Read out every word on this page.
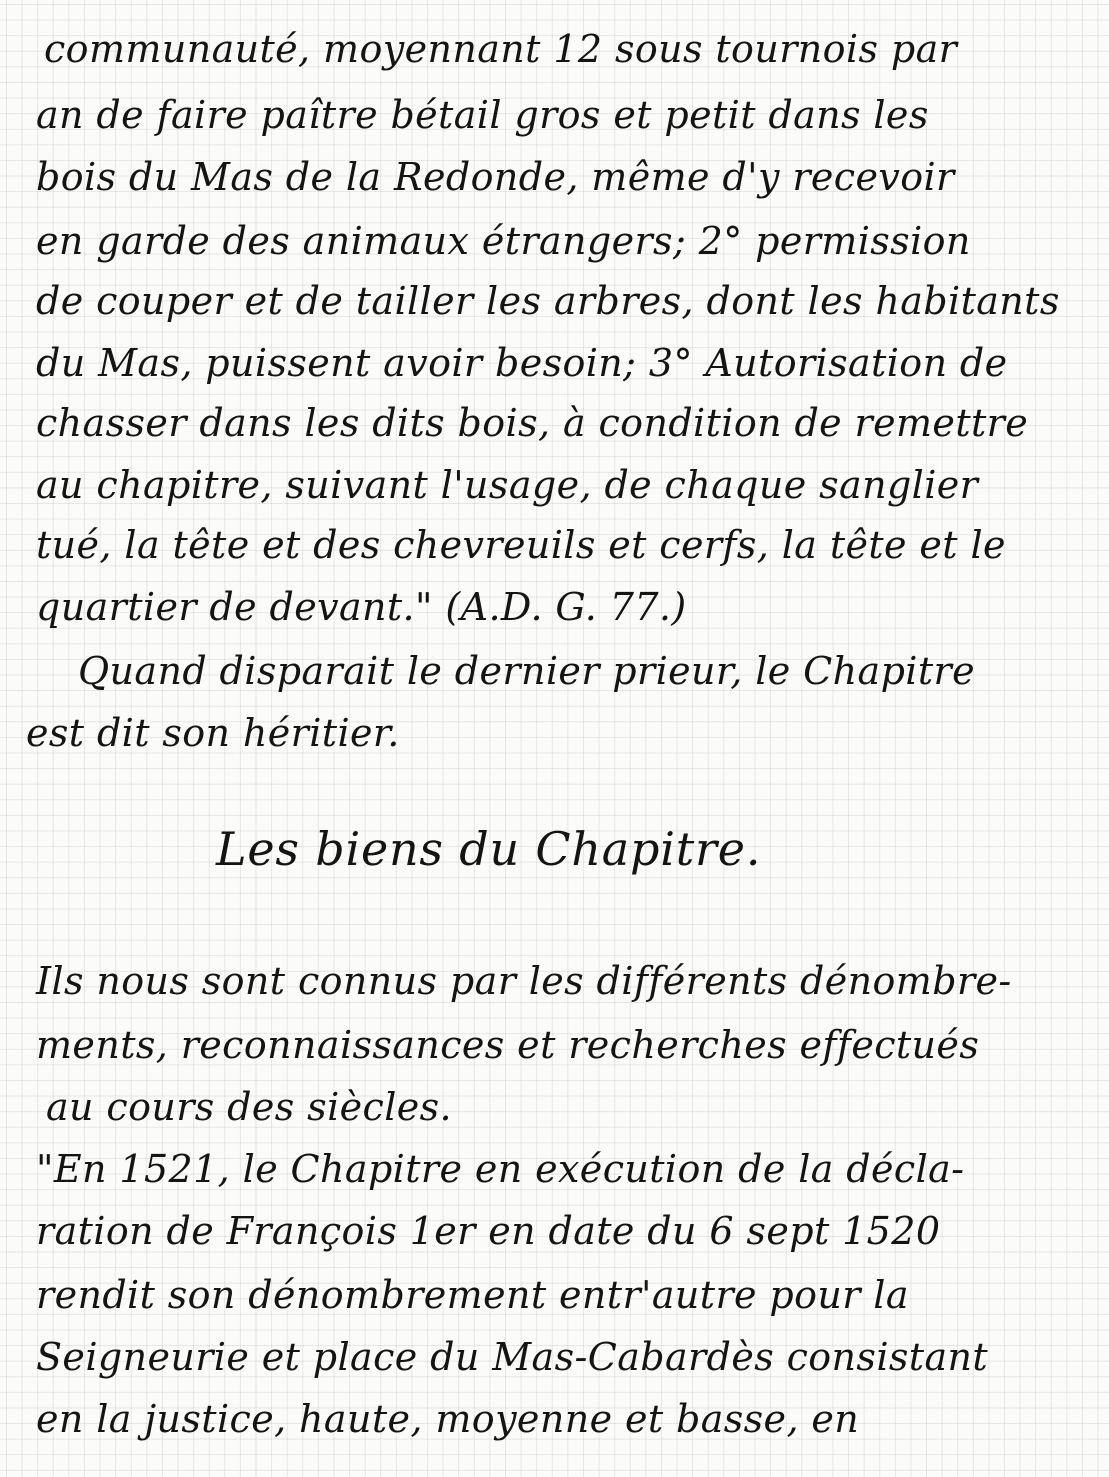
communauté, moyennant 12 sous tournois par
an de faire paître bétail gros et petit dans les
bois du Mas de la Redonde, même d'y recevoir
en garde des animaux étrangers; 2° permission
de couper et de tailler les arbres, dont les habitants
du Mas, puissent avoir besoin; 3° Autorisation de
chasser dans les dits bois, à condition de remettre
au chapitre, suivant l'usage, de chaque sanglier
tué, la tête et des chevreuils et cerfs, la tête et le
quartier de devant." (A.D. G. 77.)
Quand disparait le dernier prieur, le Chapitre
est dit son héritier.
Les biens du Chapitre.
Ils nous sont connus par les différents dénombre-
ments, reconnaissances et recherches effectués
au cours des siècles.
"En 1521, le Chapitre en exécution de la décla-
ration de François 1er en date du 6 sept 1520
rendit son dénombrement entr'autre pour la
Seigneurie et place du Mas-Cabardès consistant
en la justice, haute, moyenne et basse, en
